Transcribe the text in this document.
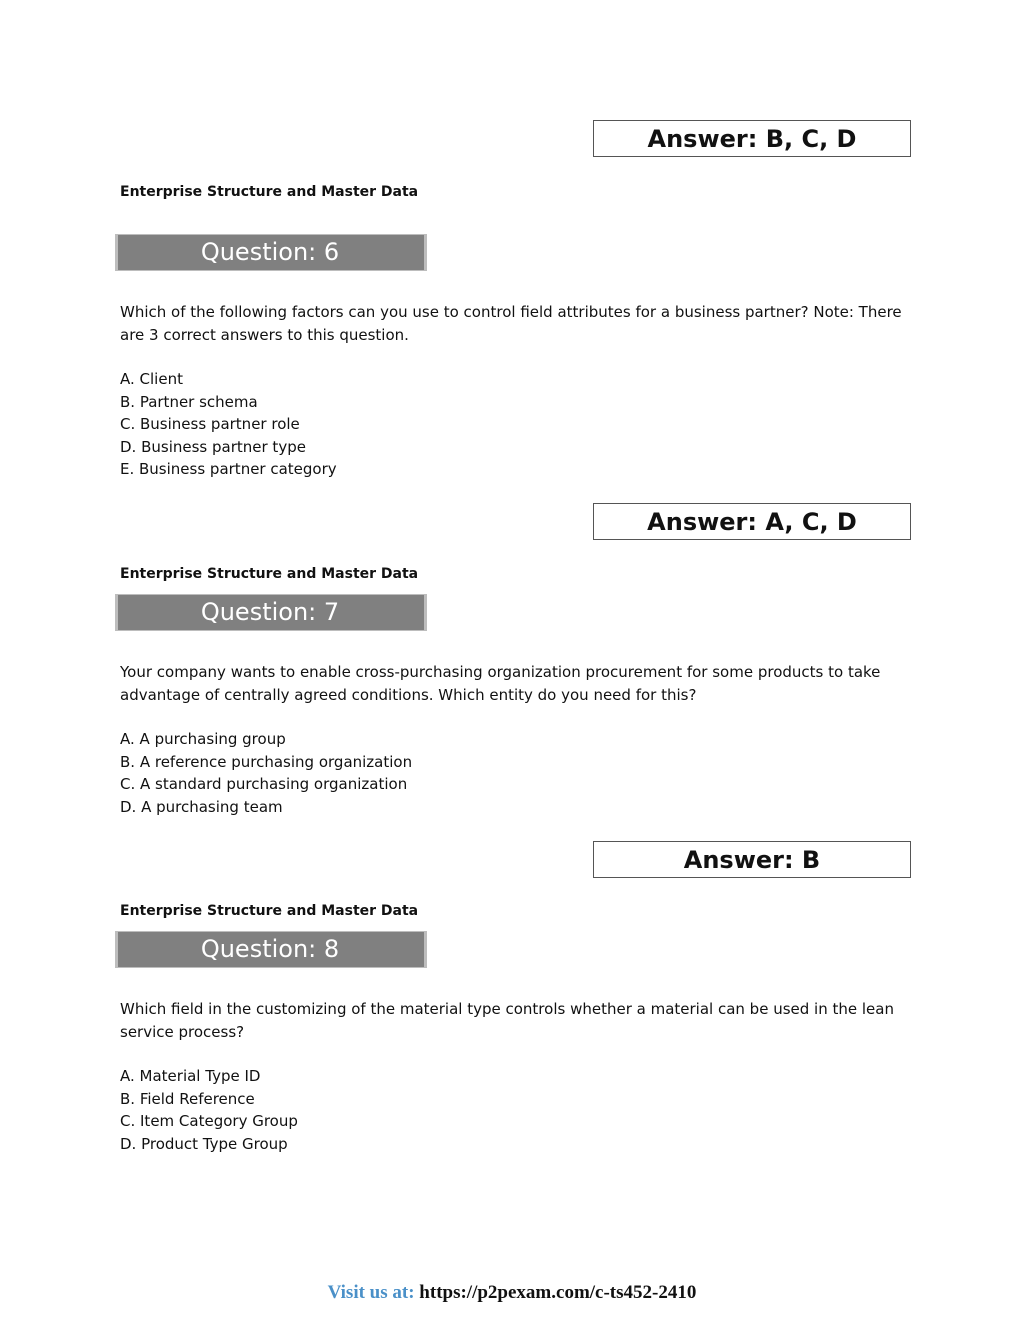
Answer: B, C, D
Enterprise Structure and Master Data
Question: 6

Which of the following factors can you use to control field attributes for a business partner? Note: There are 3 correct answers to this question.

A. Client
B. Partner schema
C. Business partner role
D. Business partner type
E. Business partner category
Answer: A, C, D
Enterprise Structure and Master Data
Question: 7

Your company wants to enable cross-purchasing organization procurement for some products to take advantage of centrally agreed conditions. Which entity do you need for this?

A. A purchasing group
B. A reference purchasing organization
C. A standard purchasing organization
D. A purchasing team
Answer: B
Enterprise Structure and Master Data
Question: 8

Which field in the customizing of the material type controls whether a material can be used in the lean service process?

A. Material Type ID
B. Field Reference
C. Item Category Group
D. Product Type Group
Visit us at: https://p2pexam.com/c-ts452-2410
